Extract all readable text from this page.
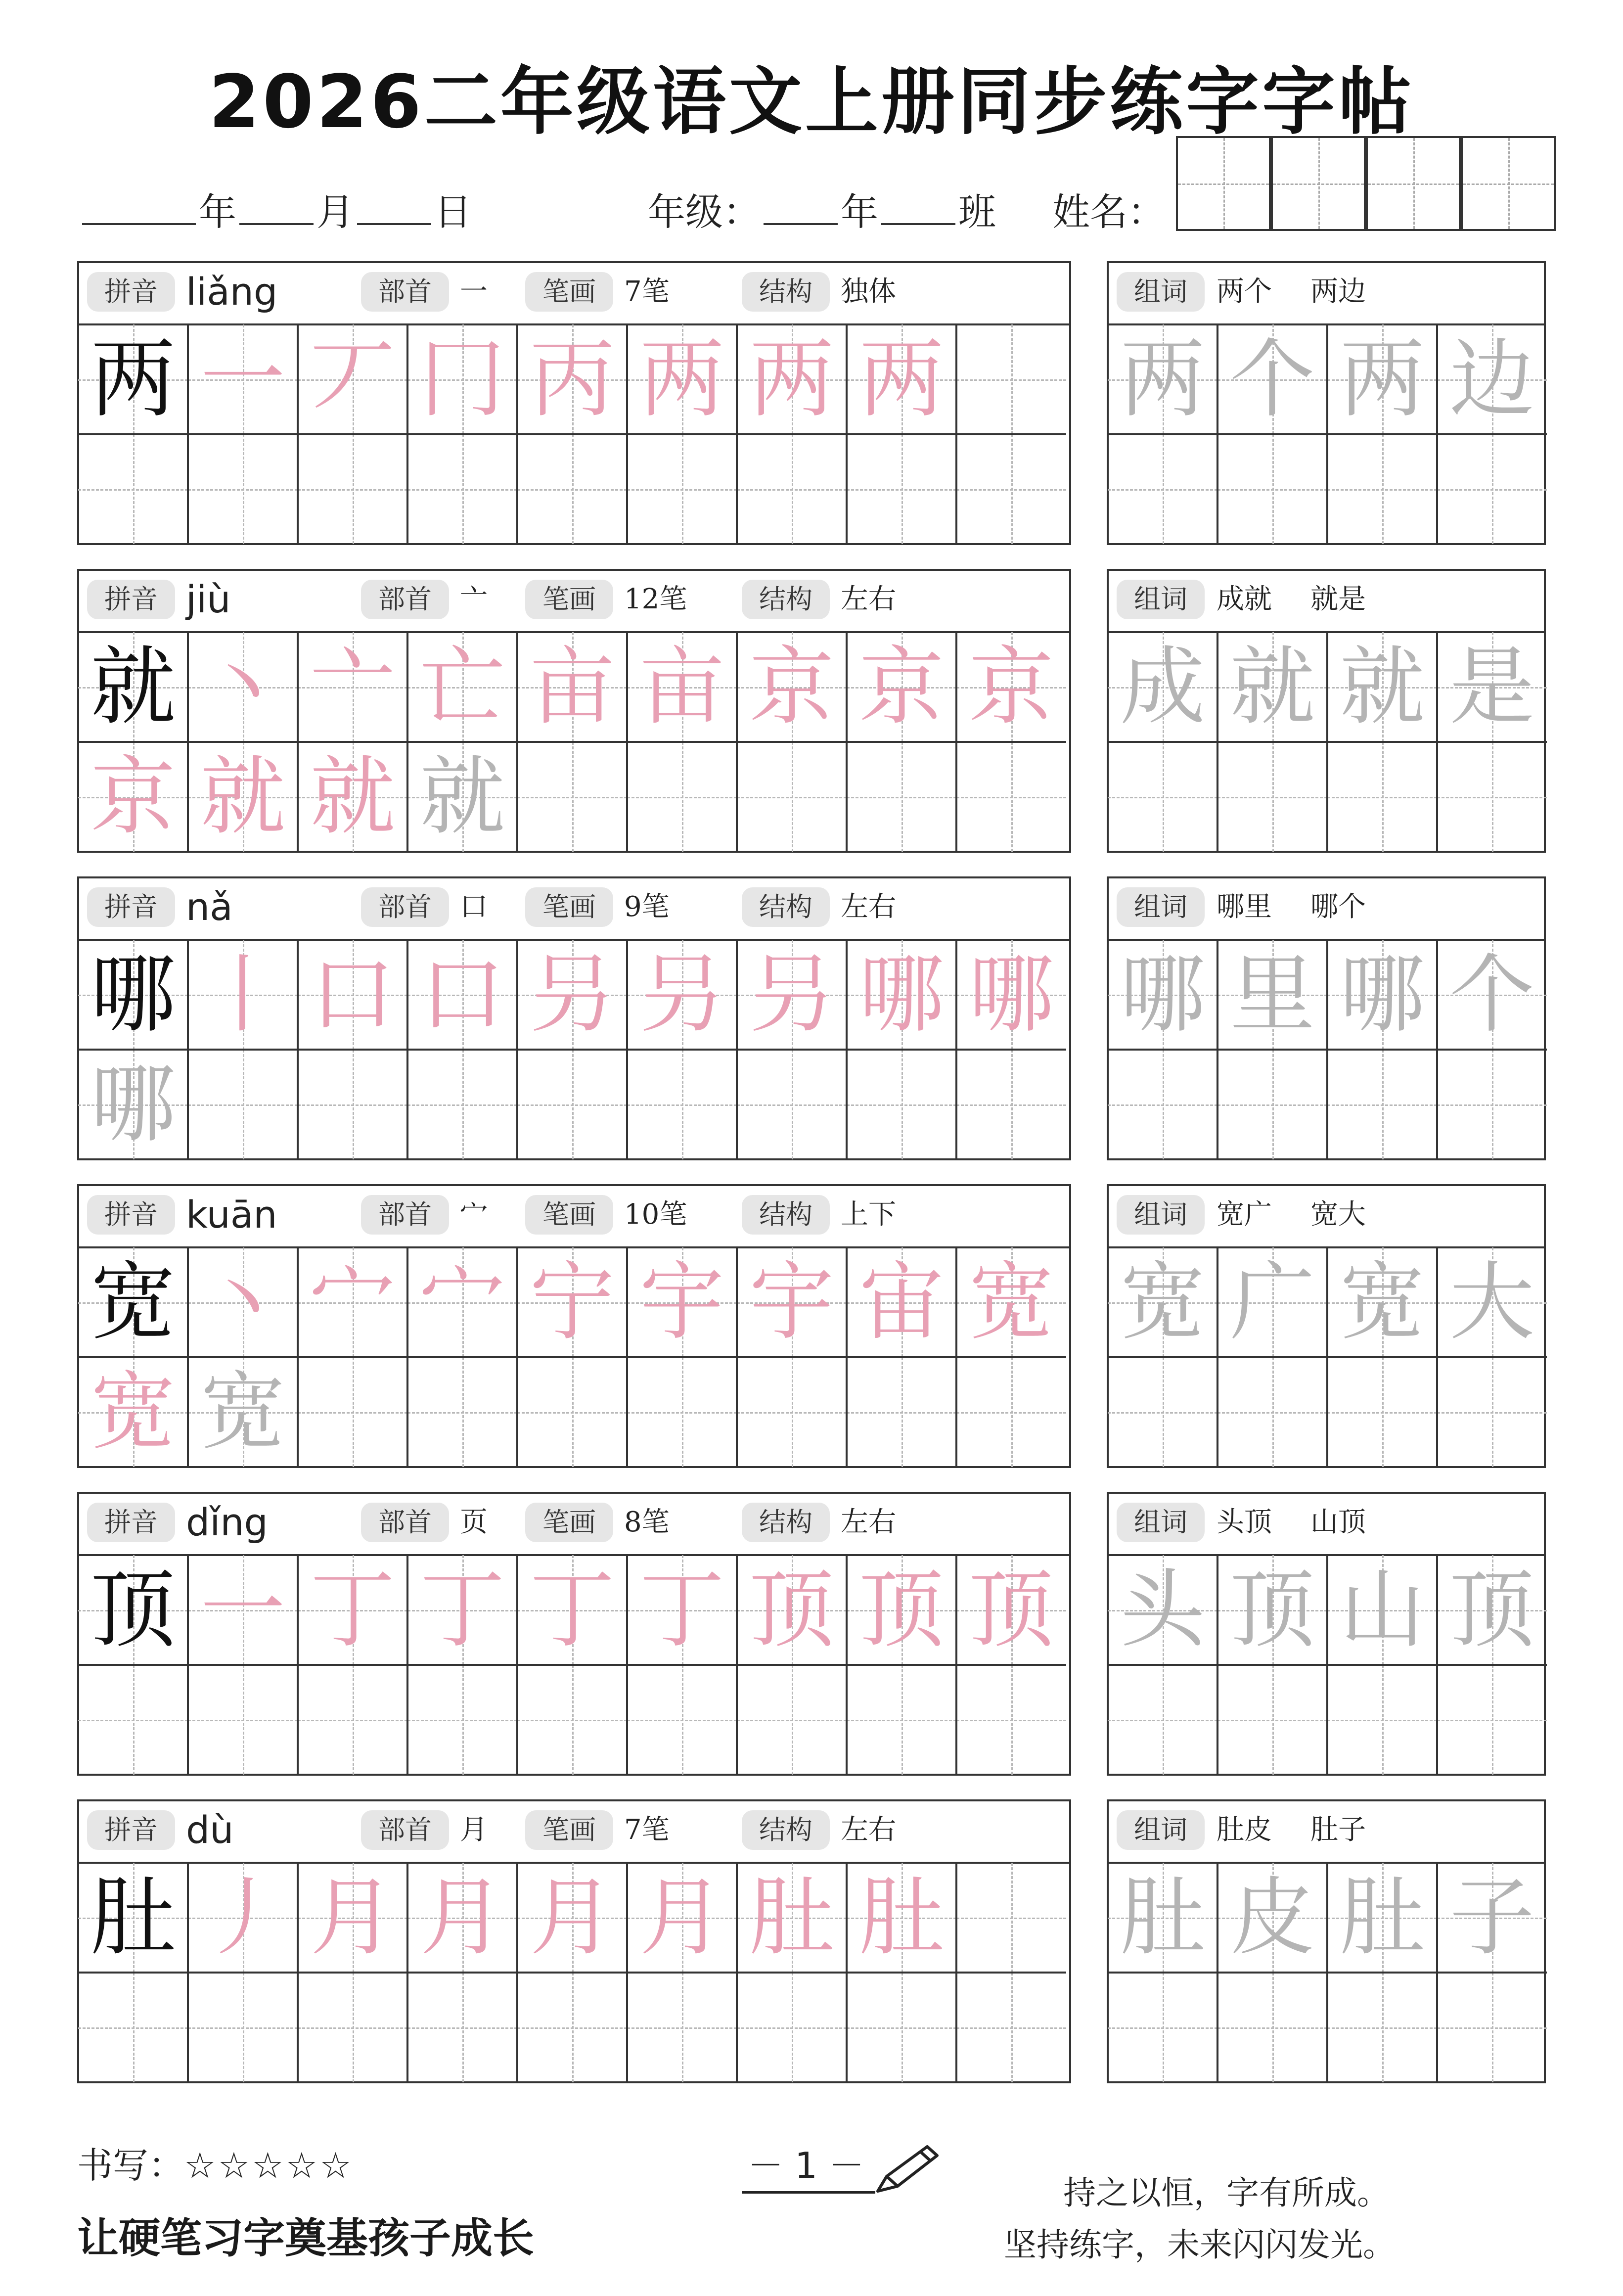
2026二年级语文上册同步练字字帖
年 月 日	年级： 年 班 姓名：
拼音 liǎng	部首	一	笔画	7笔	结构	独体
两 一 丆 冂 丙 两 两 两
组词	两个 两边
两 个 两 边
拼音 jiù	部首	亠	笔画	12笔	结构	左右
就 丶 亠 亡 亩 亩 京 京 京
京 就 就 就
组词	成就 就是
成 就 就 是
拼音 nǎ	部首	口	笔画	9笔	结构	左右
哪 丨 口 口 叧 叧 叧 哪 哪
哪
组词	哪里 哪个
哪 里 哪 个
拼音 kuān	部首	宀	笔画	10笔	结构	上下
宽 丶 宀 宀 宁 宇 宇 宙 宽
宽 宽
组词	宽广 宽大
宽 广 宽 大
拼音 dǐng	部首	页	笔画	8笔	结构	左右
顶 一 丁 丁 丁 丁 顶 顶 顶
组词	头顶 山顶
头 顶 山 顶
拼音 dù	部首	月	笔画	7笔	结构	左右
肚 丿 月 月 月 月 肚 肚
组词	肚皮 肚子
肚 皮 肚 子
书写：☆☆☆☆☆	－ 1 －
让硬笔习字奠基孩子成长
持之以恒，字有所成。
坚持练字，未来闪闪发光。
